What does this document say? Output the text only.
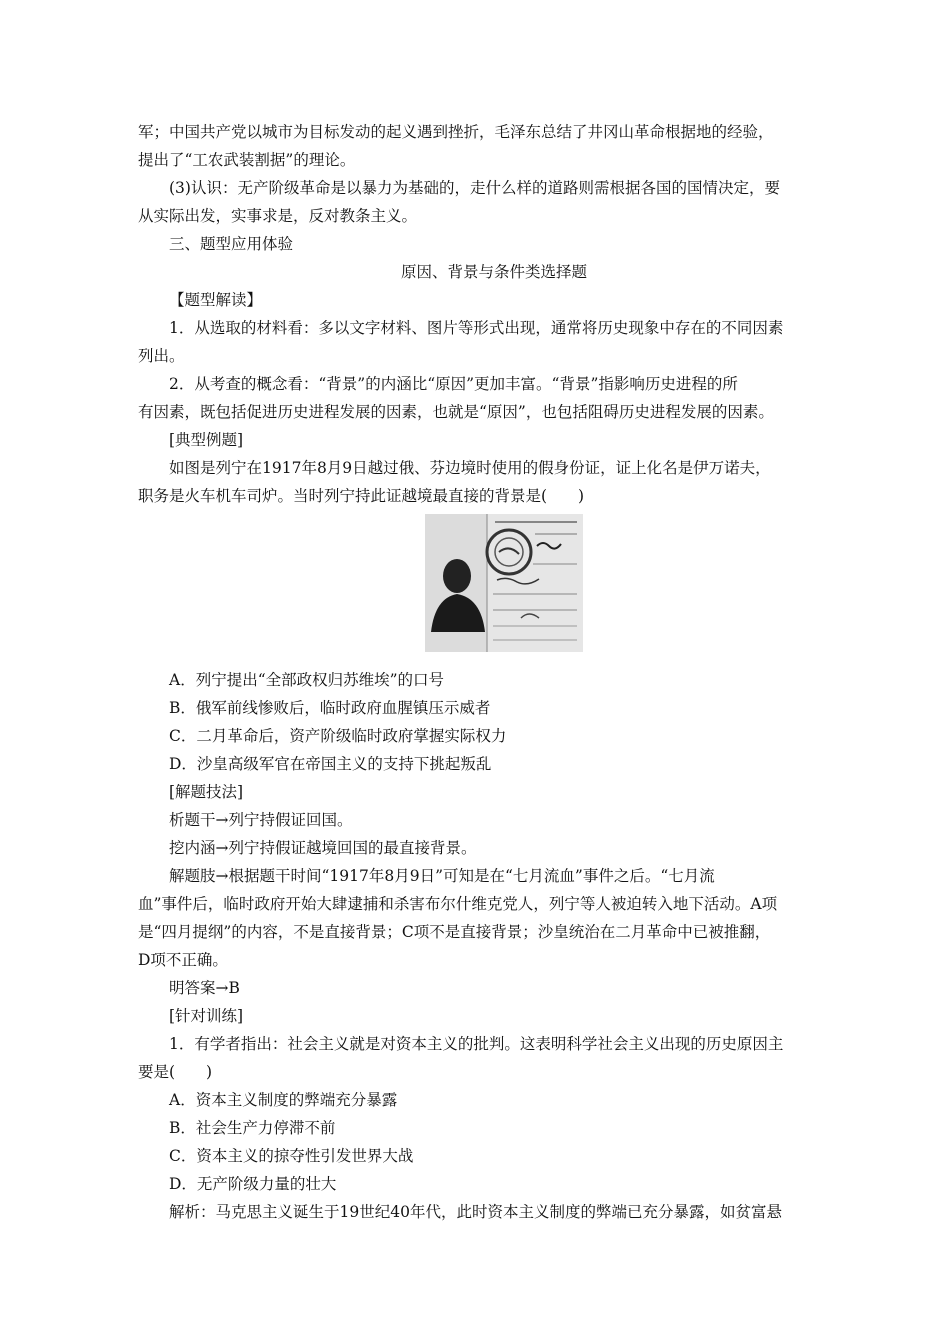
军；中国共产党以城市为目标发动的起义遇到挫折，毛泽东总结了井冈山革命根据地的经验，
提出了“工农武装割据”的理论。
(3)认识：无产阶级革命是以暴力为基础的，走什么样的道路则需根据各国的国情决定，要
从实际出发，实事求是，反对教条主义。
三、题型应用体验
原因、背景与条件类选择题
【题型解读】
1．从选取的材料看：多以文字材料、图片等形式出现，通常将历史现象中存在的不同因素
列出。
2．从考查的概念看：“背景”的内涵比“原因”更加丰富。“背景”指影响历史进程的所
有因素，既包括促进历史进程发展的因素，也就是“原因”，也包括阻碍历史进程发展的因素。
[典型例题]
如图是列宁在1917年8月9日越过俄、芬边境时使用的假身份证，证上化名是伊万诺夫，
职务是火车机车司炉。当时列宁持此证越境最直接的背景是(　　)
A．列宁提出“全部政权归苏维埃”的口号
B．俄军前线惨败后，临时政府血腥镇压示威者
C．二月革命后，资产阶级临时政府掌握实际权力
D．沙皇高级军官在帝国主义的支持下挑起叛乱
[解题技法]
析题干→列宁持假证回国。
挖内涵→列宁持假证越境回国的最直接背景。
解题肢→根据题干时间“1917年8月9日”可知是在“七月流血”事件之后。“七月流
血”事件后，临时政府开始大肆逮捕和杀害布尔什维克党人，列宁等人被迫转入地下活动。A项
是“四月提纲”的内容，不是直接背景；C项不是直接背景；沙皇统治在二月革命中已被推翻，
D项不正确。
明答案→B
[针对训练]
1．有学者指出：社会主义就是对资本主义的批判。这表明科学社会主义出现的历史原因主
要是(　　)
A．资本主义制度的弊端充分暴露
B．社会生产力停滞不前
C．资本主义的掠夺性引发世界大战
D．无产阶级力量的壮大
解析：马克思主义诞生于19世纪40年代，此时资本主义制度的弊端已充分暴露，如贫富悬
